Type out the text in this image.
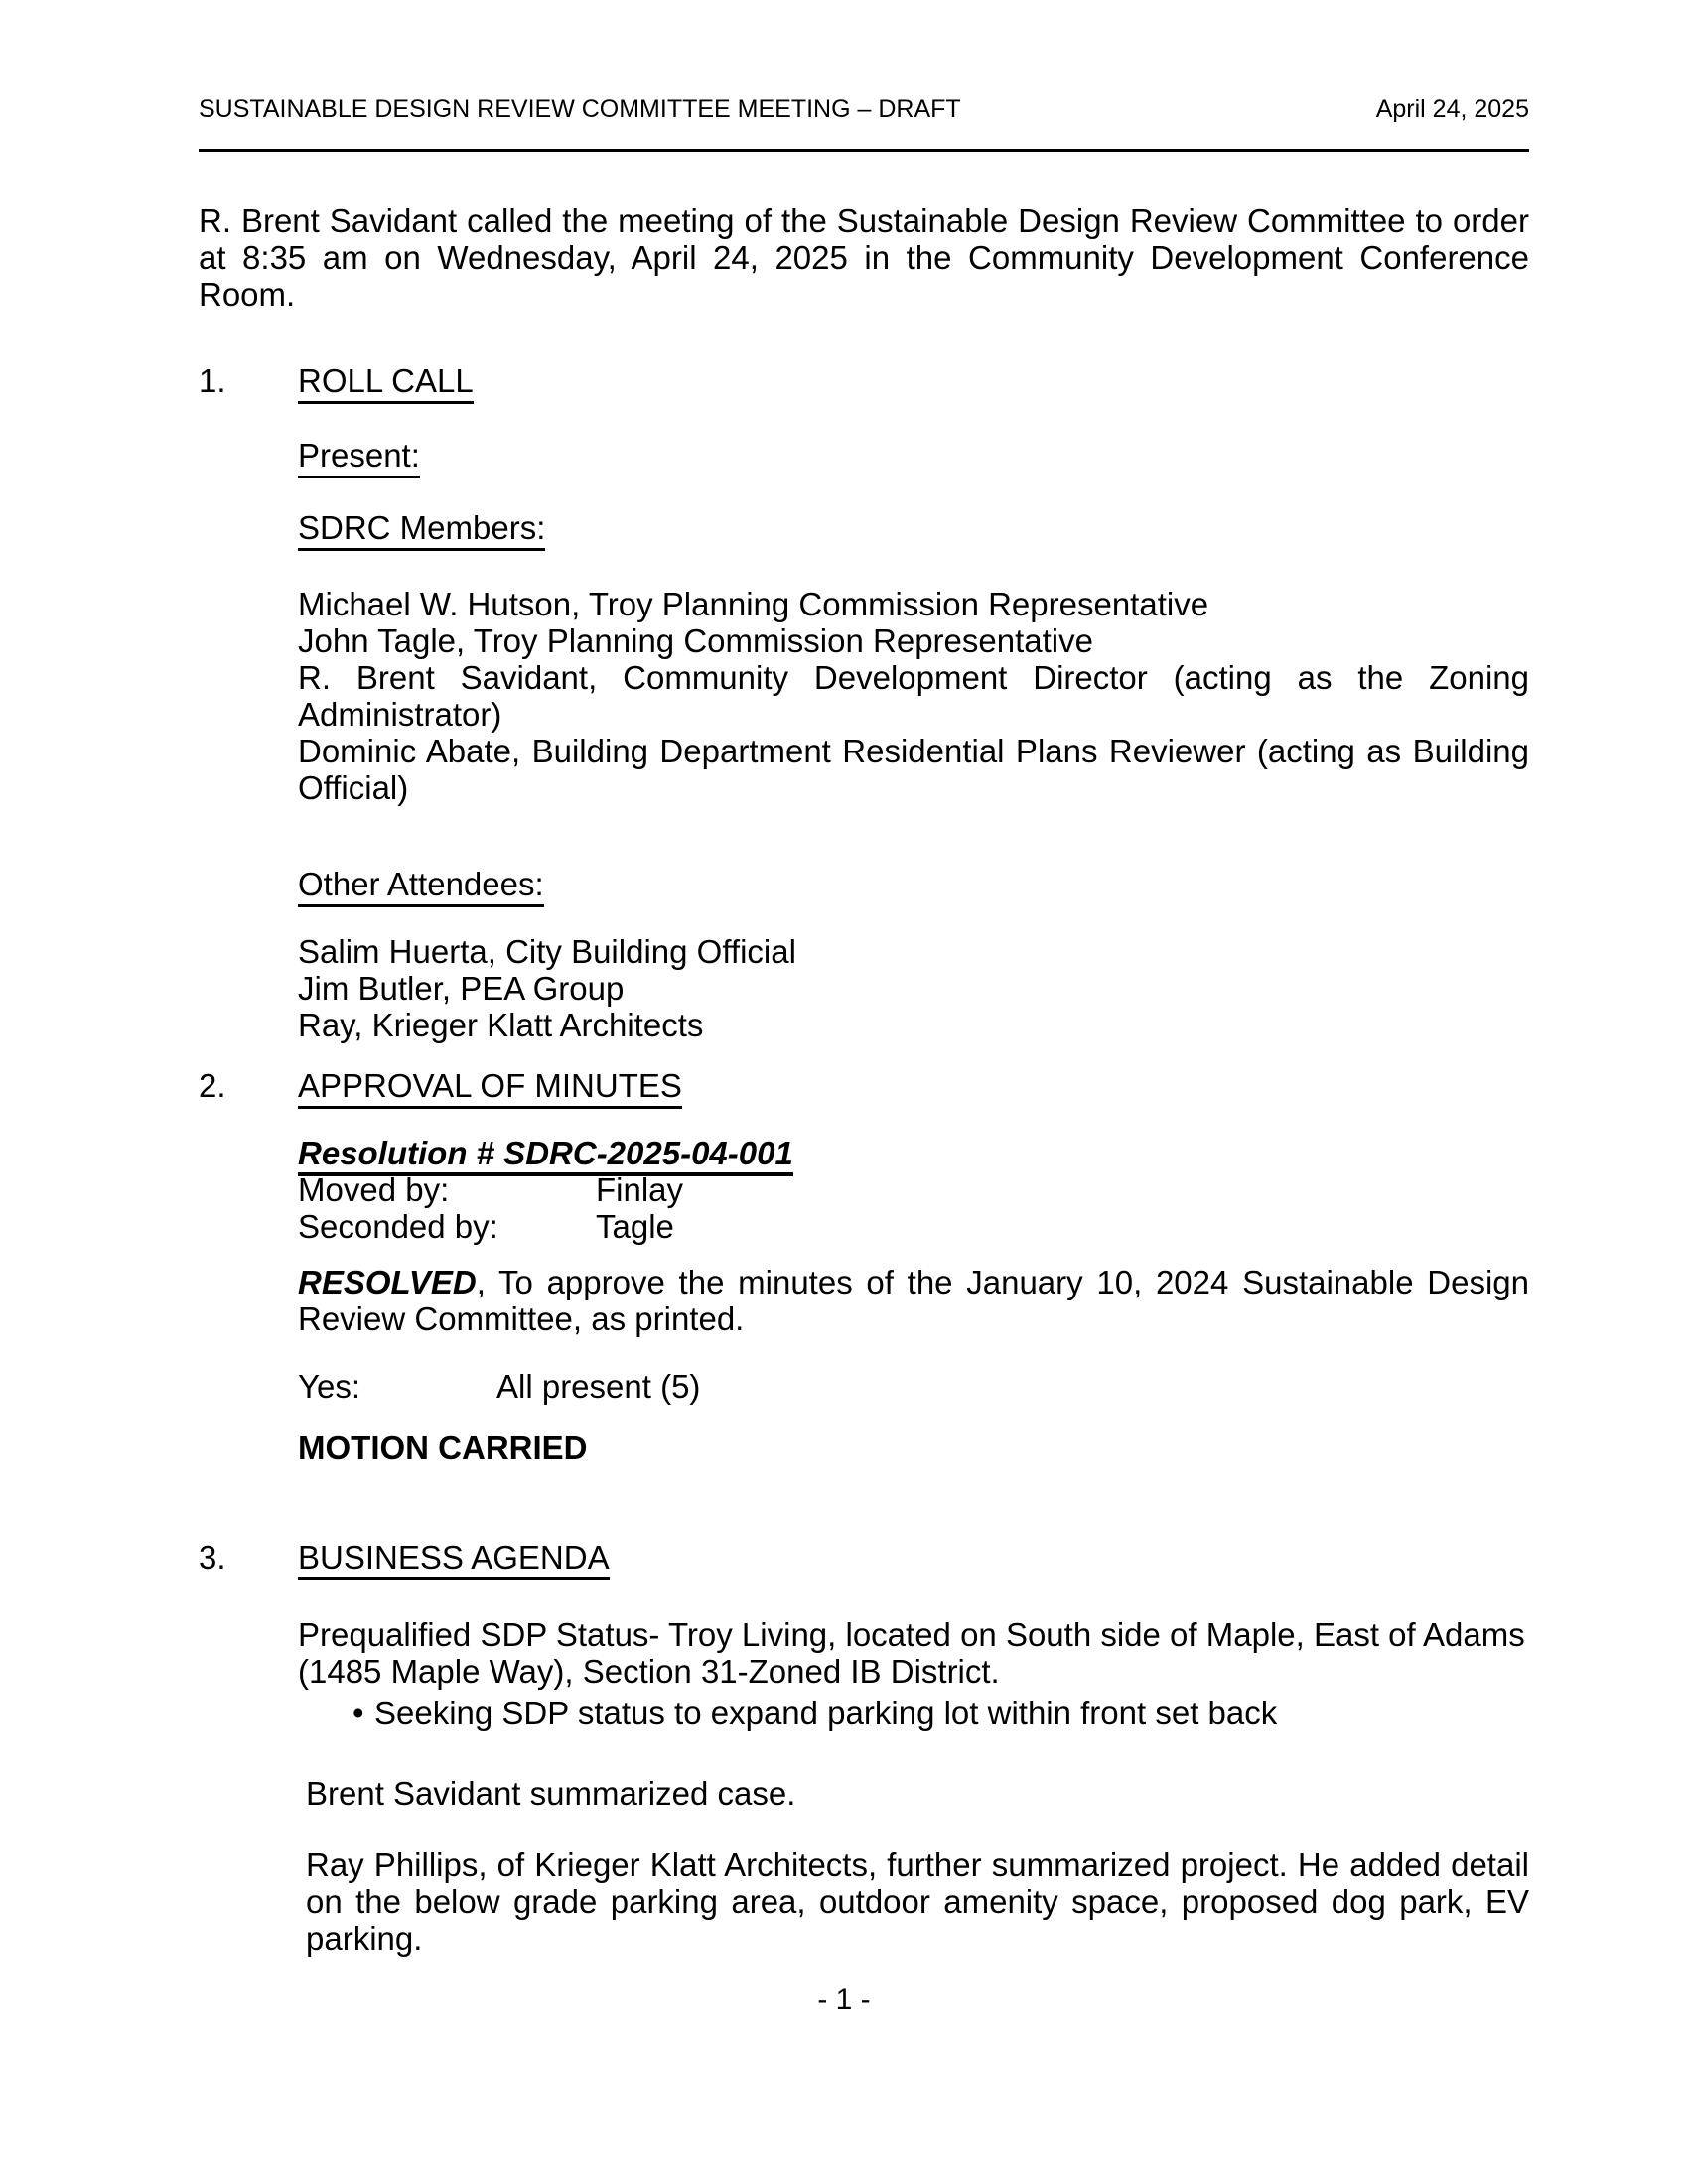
SUSTAINABLE DESIGN REVIEW COMMITTEE MEETING – DRAFT	April 24, 2025

R. Brent Savidant called the meeting of the Sustainable Design Review Committee to order at 8:35 am on Wednesday, April 24, 2025 in the Community Development Conference Room.

1. ROLL CALL
Present:
SDRC Members:

Michael W. Hutson, Troy Planning Commission Representative

John Tagle, Troy Planning Commission Representative

R. Brent Savidant, Community Development Director (acting as the Zoning Administrator)

Dominic Abate, Building Department Residential Plans Reviewer (acting as Building Official)

Other Attendees:

Salim Huerta, City Building Official

Jim Butler, PEA Group

Ray, Krieger Klatt Architects

2. APPROVAL OF MINUTES
Resolution # SDRC-2025-04-001
Moved by:	Finlay
Seconded by:	Tagle

RESOLVED, To approve the minutes of the January 10, 2024 Sustainable Design Review Committee, as printed.

Yes:	All present (5)
MOTION CARRIED
3. BUSINESS AGENDA

Prequalified SDP Status- Troy Living, located on South side of Maple, East of Adams (1485 Maple Way), Section 31-Zoned IB District.

• Seeking SDP status to expand parking lot within front set back

Brent Savidant summarized case.

Ray Phillips, of Krieger Klatt Architects, further summarized project. He added detail on the below grade parking area, outdoor amenity space, proposed dog park, EV parking.

- 1 -
